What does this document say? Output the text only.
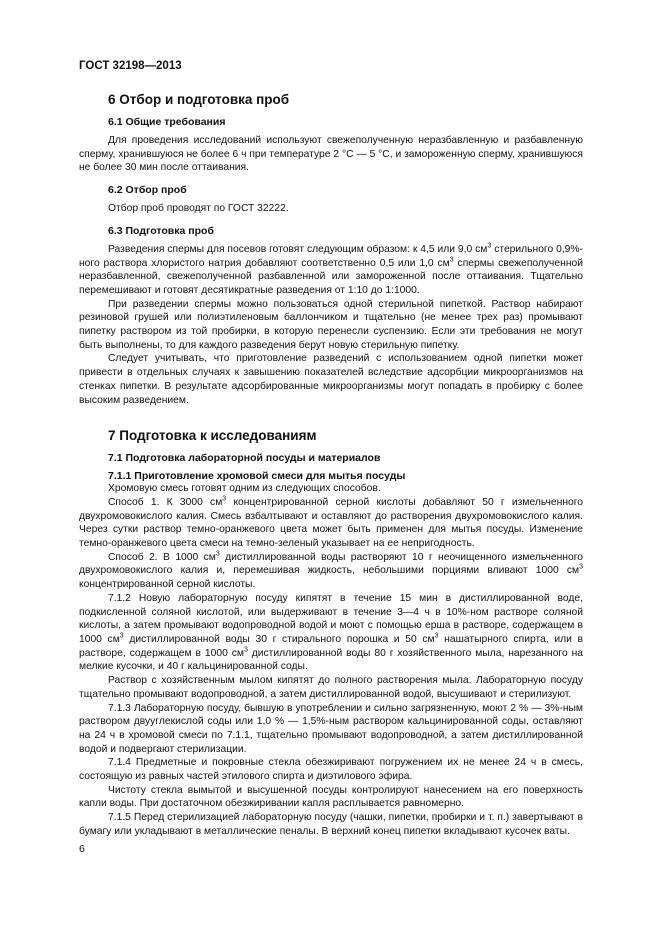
ГОСТ 32198—2013
6 Отбор и подготовка проб
6.1 Общие требования

Для проведения исследований используют свежеполученную неразбавленную и разбавленную сперму, хранившуюся не более 6 ч при температуре 2 °С — 5 °С, и замороженную сперму, хранившуюся не более 30 мин после оттаивания.

6.2 Отбор проб

Отбор проб проводят по ГОСТ 32222.

6.3 Подготовка проб

Разведения спермы для посевов готовят следующим образом: к 4,5 или 9,0 $см^3$ стерильного 0,9%-ного раствора хлористого натрия добавляют соответственно 0,5 или 1,0 $см^3$ спермы свежеполученной неразбавленной, свежеполученной разбавленной или замороженной после оттаивания. Тщательно перемешивают и готовят десятикратные разведения от 1:10 до 1:1000.

При разведении спермы можно пользоваться одной стерильной пипеткой. Раствор набирают резиновой грушей или полиэтиленовым баллончиком и тщательно (не менее трех раз) промывают пипетку раствором из той пробирки, в которую перенесли суспензию. Если эти требования не могут быть выполнены, то для каждого разведения берут новую стерильную пипетку.

Следует учитывать, что приготовление разведений с использованием одной пипетки может привести в отдельных случаях к завышению показателей вследствие адсорбции микроорганизмов на стенках пипетки. В результате адсорбированные микроорганизмы могут попадать в пробирку с более высоким разведением.

7 Подготовка к исследованиям
7.1 Подготовка лабораторной посуды и материалов
7.1.1 Приготовление хромовой смеси для мытья посуды

Хромовую смесь готовят одним из следующих способов.

Способ 1. К 3000 $см^3$ концентрированной серной кислоты добавляют 50 г измельченного двухромовокислого калия. Смесь взбалтывают и оставляют до растворения двухромовокислого калия. Через сутки раствор темно-оранжевого цвета может быть применен для мытья посуды. Изменение темно-оранжевого цвета смеси на темно-зеленый указывает на ее непригодность.

Способ 2. В 1000 $см^3$ дистиллированной воды растворяют 10 г неочищенного измельченного двухромовокислого калия и, перемешивая жидкость, небольшими порциями вливают 1000 $см^3$ концентрированной серной кислоты.

7.1.2 Новую лабораторную посуду кипятят в течение 15 мин в дистиллированной воде, подкисленной соляной кислотой, или выдерживают в течение 3—4 ч в 10%-ном растворе соляной кислоты, а затем промывают водопроводной водой и моют с помощью ерша в растворе, содержащем в 1000 $см^3$ дистиллированной воды 30 г стирального порошка и 50 $см^3$ нашатырного спирта, или в растворе, содержащем в 1000 $см^3$ дистиллированной воды 80 г хозяйственного мыла, нарезанного на мелкие кусочки, и 40 г кальцинированной соды.

Раствор с хозяйственным мылом кипятят до полного растворения мыла. Лабораторную посуду тщательно промывают водопроводной, а затем дистиллированной водой, высушивают и стерилизуют.

7.1.3 Лабораторную посуду, бывшую в употреблении и сильно загрязненную, моют 2 % — 3%-ным раствором двууглекислой соды или 1,0 % — 1,5%-ным раствором кальцинированной соды, оставляют на 24 ч в хромовой смеси по 7.1.1, тщательно промывают водопроводной, а затем дистиллированной водой и подвергают стерилизации.

7.1.4 Предметные и покровные стекла обезжиривают погружением их не менее 24 ч в смесь, состоящую из равных частей этилового спирта и диэтилового эфира.

Чистоту стекла вымытой и высушенной посуды контролируют нанесением на его поверхность капли воды. При достаточном обезжиривании капля расплывается равномерно.

7.1.5 Перед стерилизацией лабораторную посуду (чашки, пипетки, пробирки и т. п.) завертывают в бумагу или укладывают в металлические пеналы. В верхний конец пипетки вкладывают кусочек ваты.

6
